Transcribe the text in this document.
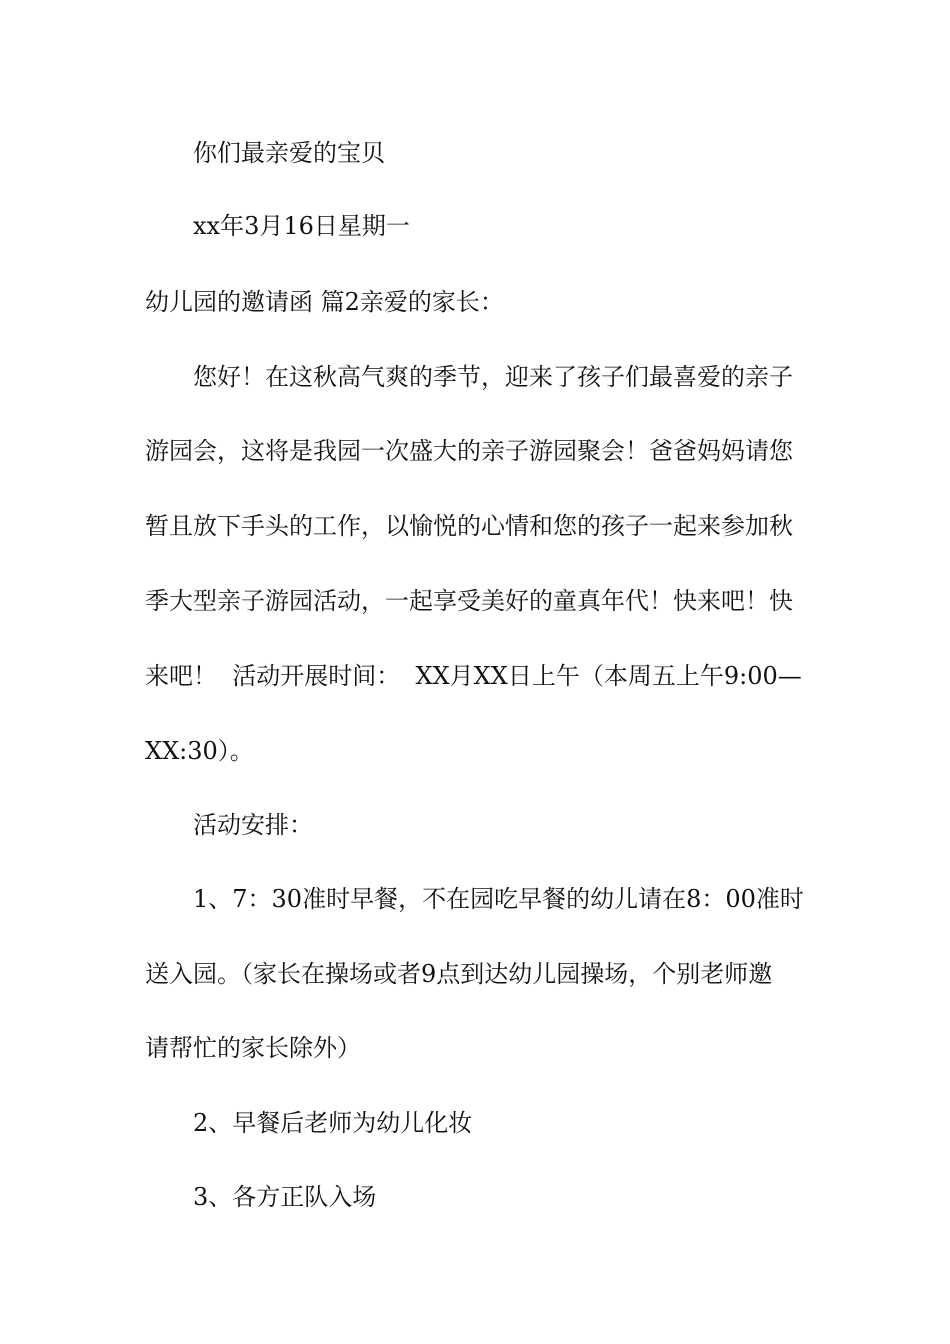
你们最亲爱的宝贝
xx年3月16日星期一
幼儿园的邀请函 篇2亲爱的家长：
您好！在这秋高气爽的季节，迎来了孩子们最喜爱的亲子
游园会，这将是我园一次盛大的亲子游园聚会！爸爸妈妈请您
暂且放下手头的工作，以愉悦的心情和您的孩子一起来参加秋
季大型亲子游园活动，一起享受美好的童真年代！快来吧！快
来吧！  活动开展时间：  XX月XX日上午（本周五上午9:00—
XX:30）。
活动安排：
1、7：30准时早餐，不在园吃早餐的幼儿请在8：00准时
送入园。（家长在操场或者9点到达幼儿园操场，个别老师邀
请帮忙的家长除外）
2、早餐后老师为幼儿化妆
3、各方正队入场
